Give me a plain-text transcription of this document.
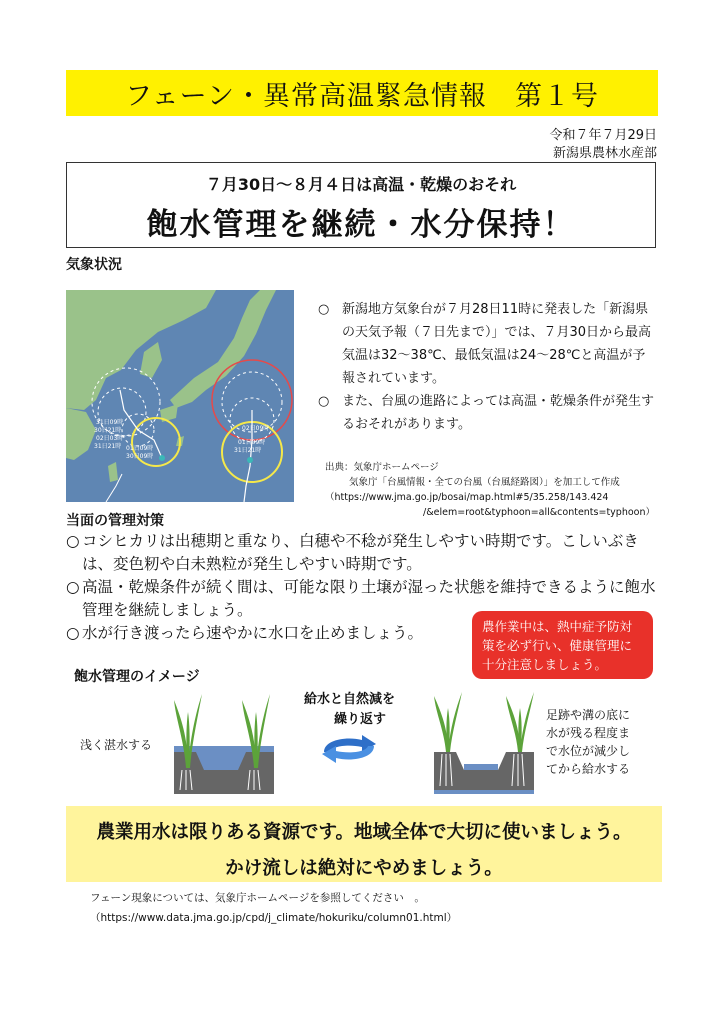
フェーン・異常高温緊急情報　第１号
令和７年７月29日
新潟県農林水産部
７月30日～８月４日は高温・乾燥のおそれ
飽水管理を継続・水分保持！
気象状況
02日03時
01日09時
31日21時
31日09時
30日21時
30日09時
02日09時
01日09時
31日21時
○ 新潟地方気象台が７月28日11時に発表した「新潟県の天気予報（７日先まで）」では、７月30日から最高気温は32～38℃、最低気温は24～28℃と高温が予報されています。
○ また、台風の進路によっては高温・乾燥条件が発生するおそれがあります。
出典：気象庁ホームページ
気象庁「台風情報・全ての台風（台風経路図）」を加工して作成
（https://www.jma.go.jp/bosai/map.html#5/35.258/143.424
/&elem=root&typhoon=all&contents=typhoon）
当面の管理対策
○ コシヒカリは出穂期と重なり、白穂や不稔が発生しやすい時期です。こしいぶきは、変色籾や白未熟粒が発生しやすい時期です。
○ 高温・乾燥条件が続く間は、可能な限り土壌が湿った状態を維持できるように飽水管理を継続しましょう。
○ 水が行き渡ったら速やかに水口を止めましょう。	農作業中は、熱中症予防対策を必ず行い、健康管理に十分注意しましょう。
飽水管理のイメージ
浅く湛水する
給水と自然減を
繰り返す	足跡や溝の底に
水が残る程度ま
で水位が減少し
てから給水する
農業用水は限りある資源です。地域全体で大切に使いましょう。
かけ流しは絶対にやめましょう。
フェーン現象については、気象庁ホームページを参照してください　。
（https://www.data.jma.go.jp/cpd/j_climate/hokuriku/column01.html）
